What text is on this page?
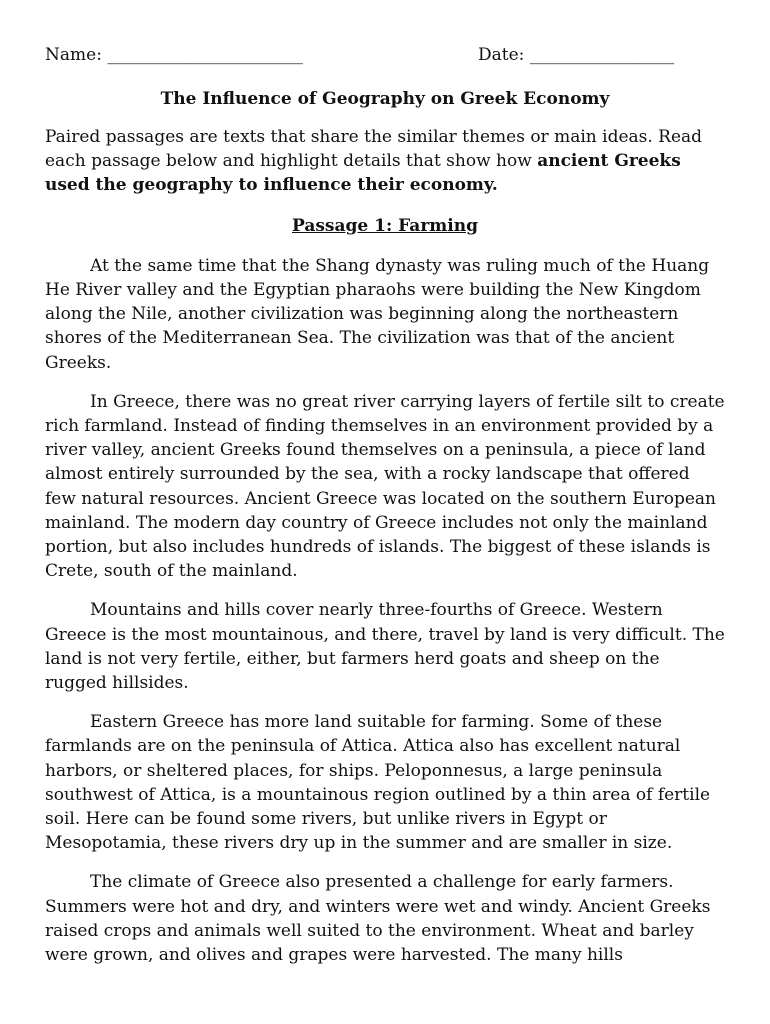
Name: _______________________	Date: _________________
The Influence of Geography on Greek Economy

Paired passages are texts that share the similar themes or main ideas. Read each passage below and highlight details that show how ancient Greeks used the geography to influence their economy.

Passage 1: Farming

At the same time that the Shang dynasty was ruling much of the Huang He River valley and the Egyptian pharaohs were building the New Kingdom along the Nile, another civilization was beginning along the northeastern shores of the Mediterranean Sea. The civilization was that of the ancient Greeks.

In Greece, there was no great river carrying layers of fertile silt to create rich farmland. Instead of finding themselves in an environment provided by a river valley, ancient Greeks found themselves on a peninsula, a piece of land almost entirely surrounded by the sea, with a rocky landscape that offered few natural resources. Ancient Greece was located on the southern European mainland. The modern day country of Greece includes not only the mainland portion, but also includes hundreds of islands. The biggest of these islands is Crete, south of the mainland.

Mountains and hills cover nearly three-fourths of Greece. Western Greece is the most mountainous, and there, travel by land is very difficult. The land is not very fertile, either, but farmers herd goats and sheep on the rugged hillsides.

Eastern Greece has more land suitable for farming. Some of these farmlands are on the peninsula of Attica. Attica also has excellent natural harbors, or sheltered places, for ships. Peloponnesus, a large peninsula southwest of Attica, is a mountainous region outlined by a thin area of fertile soil. Here can be found some rivers, but unlike rivers in Egypt or Mesopotamia, these rivers dry up in the summer and are smaller in size.

The climate of Greece also presented a challenge for early farmers. Summers were hot and dry, and winters were wet and windy. Ancient Greeks raised crops and animals well suited to the environment. Wheat and barley were grown, and olives and grapes were harvested. The many hills
